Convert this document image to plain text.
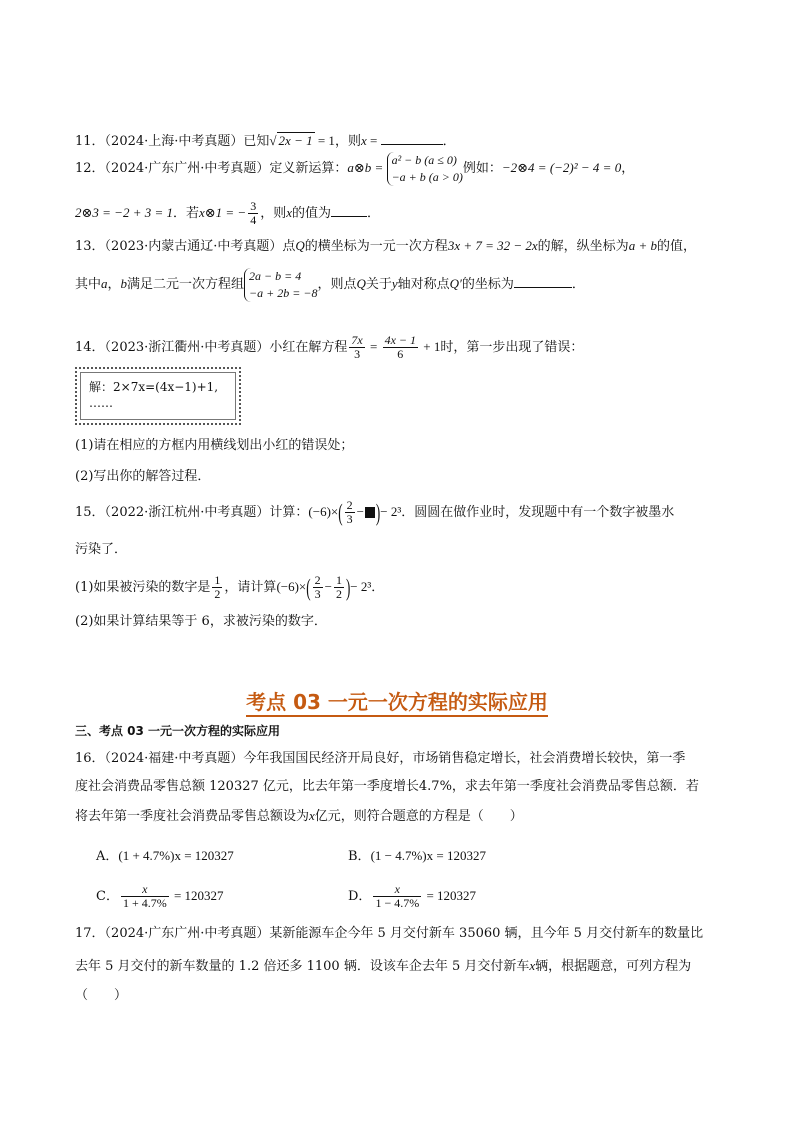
11．（2024·上海·中考真题）已知√ 2x − 1 = 1，则x =	．
12．（2024·广东广州·中考真题）定义新运算：a⊗b =
a² − b (a ≤ 0)
−a + b (a > 0)
例如：−2⊗4 = (−2)² − 4 = 0，
2⊗3 = −2 + 3 = 1．若x⊗1 = − $\frac{3}{4}$ ，则x的值为	．
13．（2023·内蒙古通辽·中考真题）点Q的横坐标为一元一次方程3x + 7 = 32 − 2x的解，纵坐标为a + b的值，
其中a，b满足二元一次方程组
2a − b = 4
−a + 2b = −8
，则点Q关于y轴对称点Q′的坐标为	．
14．（2023·浙江衢州·中考真题）小红在解方程 $\frac{7x}{3} = \frac{4x - 1}{6} + 1$时，第一步出现了错误：
解：2×7x=(4x−1)+1,
……
(1)请在相应的方框内用横线划出小红的错误处；
(2)写出你的解答过程．
15．（2022·浙江杭州·中考真题）计算：$(-6)\times( \frac{2}{3}$ − )− 2³．圆圆在做作业时，发现题中有一个数字被墨水
污染了．
(1)如果被污染的数字是 $\frac{1}{2}$ ，请计算$(-6)\times( \frac{2}{3} - \frac{1}{2}$ )− 2³．
(2)如果计算结果等于 6，求被污染的数字．
考点 03 一元一次方程的实际应用
三、考点 03 一元一次方程的实际应用
16．（2024·福建·中考真题）今年我国国民经济开局良好，市场销售稳定增长，社会消费增长较快，第一季
度社会消费品零售总额 120327 亿元，比去年第一季度增长4.7%，求去年第一季度社会消费品零售总额．若
将去年第一季度社会消费品零售总额设为x亿元，则符合题意的方程是（　　）
A．(1 + 4.7%)x = 120327	B．(1 − 4.7%)x = 120327
C． $\frac{x}{1 + 4.7\%} = 120327$	D． $\frac{x}{1 - 4.7\%} = 120327$
17．（2024·广东广州·中考真题）某新能源车企今年 5 月交付新车 35060 辆，且今年 5 月交付新车的数量比
去年 5 月交付的新车数量的 1.2 倍还多 1100 辆．设该车企去年 5 月交付新车x辆，根据题意，可列方程为
（　　）
